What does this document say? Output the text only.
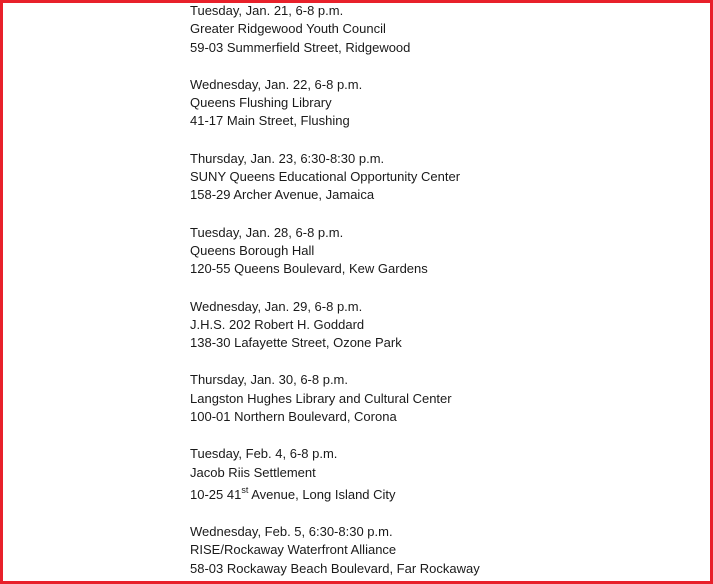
Tuesday, Jan. 21, 6-8 p.m.
Greater Ridgewood Youth Council
59-03 Summerfield Street, Ridgewood
Wednesday, Jan. 22, 6-8 p.m.
Queens Flushing Library
41-17 Main Street, Flushing
Thursday, Jan. 23, 6:30-8:30 p.m.
SUNY Queens Educational Opportunity Center
158-29 Archer Avenue, Jamaica
Tuesday, Jan. 28, 6-8 p.m.
Queens Borough Hall
120-55 Queens Boulevard, Kew Gardens
Wednesday, Jan. 29, 6-8 p.m.
J.H.S. 202 Robert H. Goddard
138-30 Lafayette Street, Ozone Park
Thursday, Jan. 30, 6-8 p.m.
Langston Hughes Library and Cultural Center
100-01 Northern Boulevard, Corona
Tuesday, Feb. 4, 6-8 p.m.
Jacob Riis Settlement
10-25 41st Avenue, Long Island City
Wednesday, Feb. 5, 6:30-8:30 p.m.
RISE/Rockaway Waterfront Alliance
58-03 Rockaway Beach Boulevard, Far Rockaway
